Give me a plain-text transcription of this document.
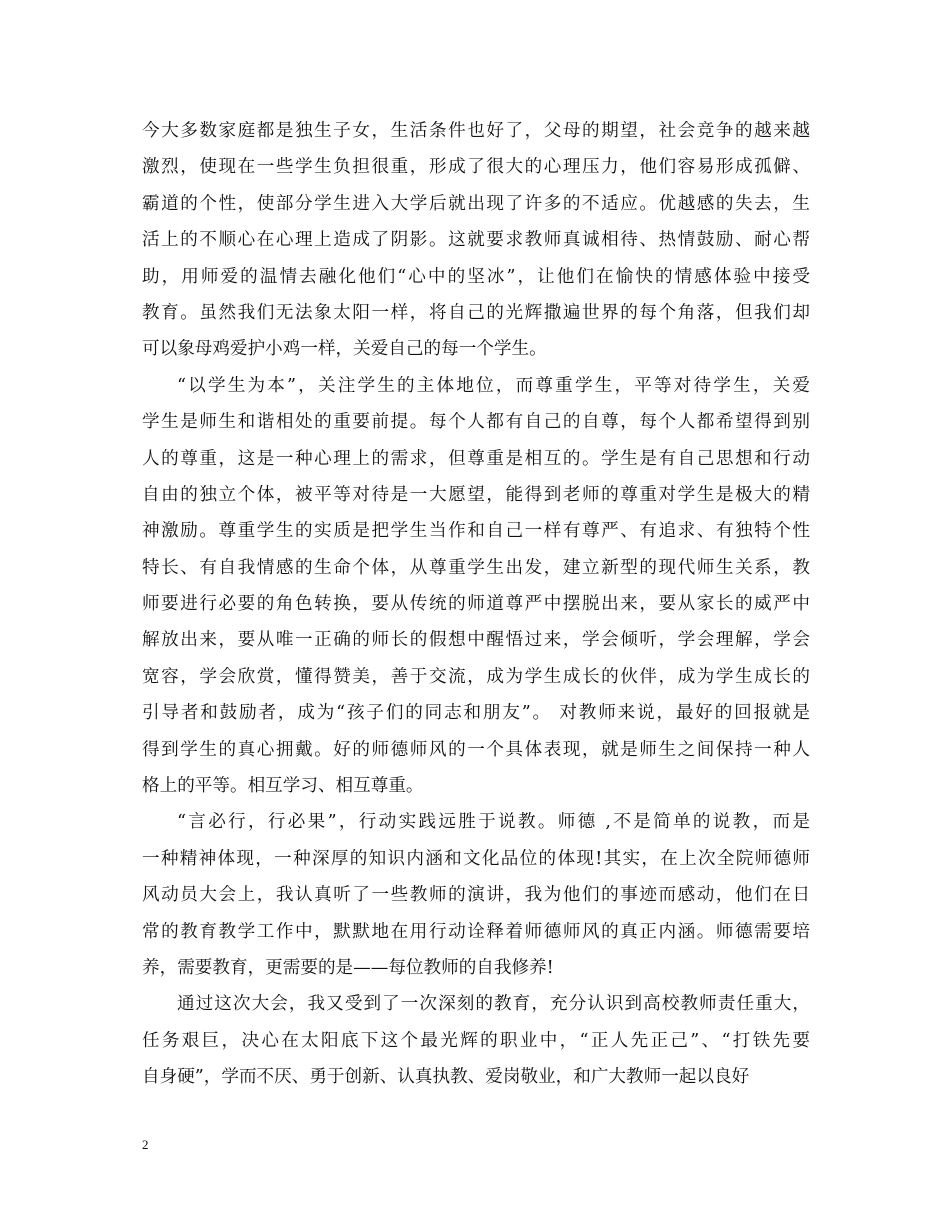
今大多数家庭都是独生子女，生活条件也好了，父母的期望，社会竞争的越来越
激烈，使现在一些学生负担很重，形成了很大的心理压力，他们容易形成孤僻、
霸道的个性，使部分学生进入大学后就出现了许多的不适应。优越感的失去，生
活上的不顺心在心理上造成了阴影。这就要求教师真诚相待、热情鼓励、耐心帮
助，用师爱的温情去融化他们“心中的坚冰”，让他们在愉快的情感体验中接受
教育。虽然我们无法象太阳一样，将自己的光辉撒遍世界的每个角落，但我们却
可以象母鸡爱护小鸡一样，关爱自己的每一个学生。
“以学生为本”，关注学生的主体地位，而尊重学生，平等对待学生，关爱
学生是师生和谐相处的重要前提。每个人都有自己的自尊，每个人都希望得到别
人的尊重，这是一种心理上的需求，但尊重是相互的。学生是有自己思想和行动
自由的独立个体，被平等对待是一大愿望，能得到老师的尊重对学生是极大的精
神激励。尊重学生的实质是把学生当作和自己一样有尊严、有追求、有独特个性
特长、有自我情感的生命个体，从尊重学生出发，建立新型的现代师生关系，教
师要进行必要的角色转换，要从传统的师道尊严中摆脱出来，要从家长的威严中
解放出来，要从唯一正确的师长的假想中醒悟过来，学会倾听，学会理解，学会
宽容，学会欣赏，懂得赞美，善于交流，成为学生成长的伙伴，成为学生成长的
引导者和鼓励者，成为“孩子们的同志和朋友”。 对教师来说，最好的回报就是
得到学生的真心拥戴。好的师德师风的一个具体表现，就是师生之间保持一种人
格上的平等。相互学习、相互尊重。
“言必行，行必果”，行动实践远胜于说教。师德 ,不是简单的说教，而是
一种精神体现，一种深厚的知识内涵和文化品位的体现!其实，在上次全院师德师
风动员大会上，我认真听了一些教师的演讲，我为他们的事迹而感动，他们在日
常的教育教学工作中，默默地在用行动诠释着师德师风的真正内涵。师德需要培
养，需要教育，更需要的是——每位教师的自我修养!
通过这次大会，我又受到了一次深刻的教育，充分认识到高校教师责任重大，
任务艰巨，决心在太阳底下这个最光辉的职业中，“正人先正己”、“打铁先要
自身硬”，学而不厌、勇于创新、认真执教、爱岗敬业，和广大教师一起以良好
2
